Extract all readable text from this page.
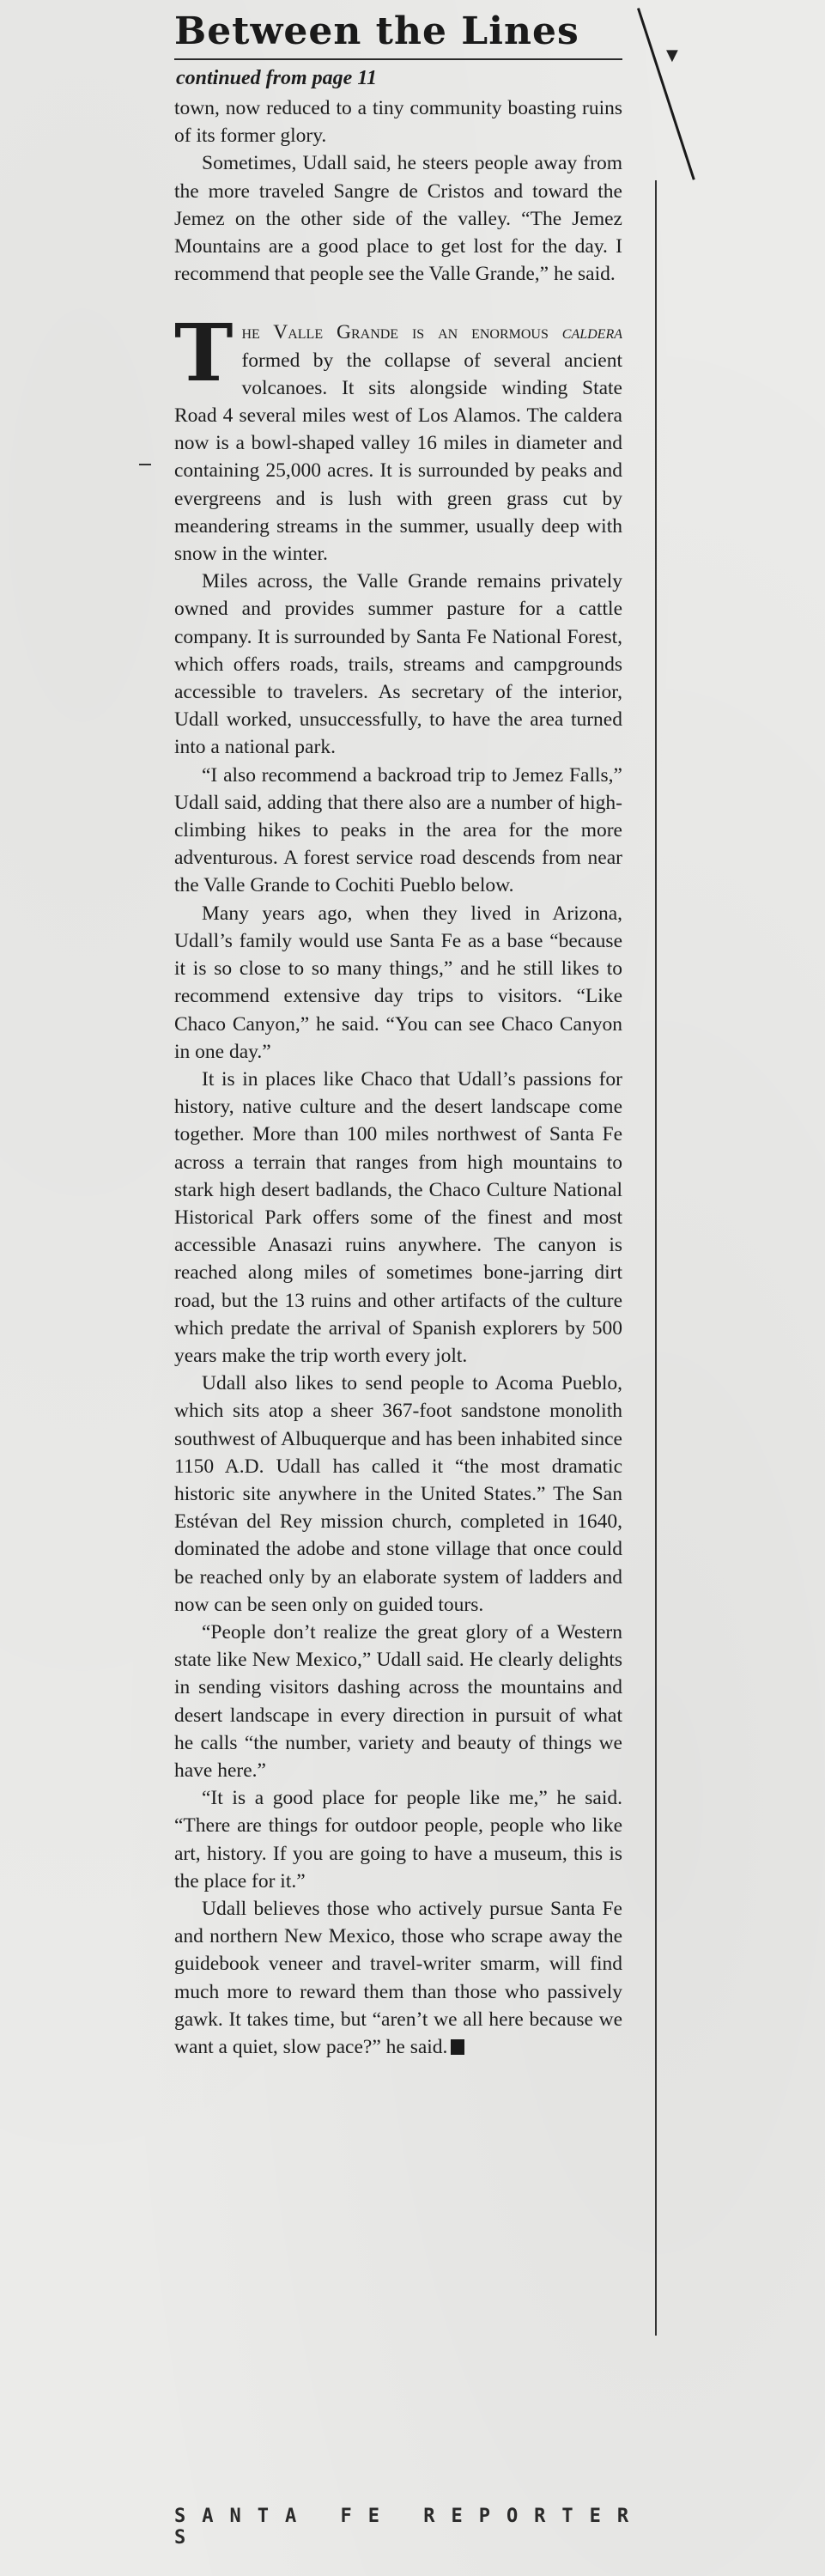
Between the Lines
▼
continued from page 11

town, now reduced to a tiny community boasting ruins of its former glory.

Sometimes, Udall said, he steers people away from the more traveled Sangre de Cristos and toward the Jemez on the other side of the valley. “The Jemez Mountains are a good place to get lost for the day. I recommend that people see the Valle Grande,” he said.

The Valle Grande is an enormous caldera formed by the collapse of several ancient volcanoes. It sits alongside winding State Road 4 several miles west of Los Alamos. The caldera now is a bowl-shaped valley 16 miles in diameter and containing 25,000 acres. It is surrounded by peaks and evergreens and is lush with green grass cut by meandering streams in the summer, usually deep with snow in the winter.

Miles across, the Valle Grande remains privately owned and provides summer pasture for a cattle company. It is surrounded by Santa Fe National Forest, which offers roads, trails, streams and campgrounds accessible to travelers. As secretary of the interior, Udall worked, unsuccessfully, to have the area turned into a national park.

“I also recommend a backroad trip to Jemez Falls,” Udall said, adding that there also are a number of high-climbing hikes to peaks in the area for the more adventurous. A forest service road descends from near the Valle Grande to Cochiti Pueblo below.

Many years ago, when they lived in Arizona, Udall’s family would use Santa Fe as a base “because it is so close to so many things,” and he still likes to recommend extensive day trips to visitors. “Like Chaco Canyon,” he said. “You can see Chaco Canyon in one day.”

It is in places like Chaco that Udall’s passions for history, native culture and the desert landscape come together. More than 100 miles northwest of Santa Fe across a terrain that ranges from high mountains to stark high desert badlands, the Chaco Culture National Historical Park offers some of the finest and most accessible Anasazi ruins anywhere. The canyon is reached along miles of sometimes bone-jarring dirt road, but the 13 ruins and other artifacts of the culture which predate the arrival of Spanish explorers by 500 years make the trip worth every jolt.

Udall also likes to send people to Acoma Pueblo, which sits atop a sheer 367-foot sandstone monolith southwest of Albuquerque and has been inhabited since 1150 A.D. Udall has called it “the most dramatic historic site anywhere in the United States.” The San Estévan del Rey mission church, completed in 1640, dominated the adobe and stone village that once could be reached only by an elaborate system of ladders and now can be seen only on guided tours.

“People don’t realize the great glory of a Western state like New Mexico,” Udall said. He clearly delights in sending visitors dashing across the mountains and desert landscape in every direction in pursuit of what he calls “the number, variety and beauty of things we have here.”

“It is a good place for people like me,” he said. “There are things for outdoor people, people who like art, history. If you are going to have a museum, this is the place for it.”

Udall believes those who actively pursue Santa Fe and northern New Mexico, those who scrape away the guidebook veneer and travel-writer smarm, will find much more to reward them than those who passively gawk. It takes time, but “aren’t we all here because we want a quiet, slow pace?” he said.

SANTA FE REPORTER S
